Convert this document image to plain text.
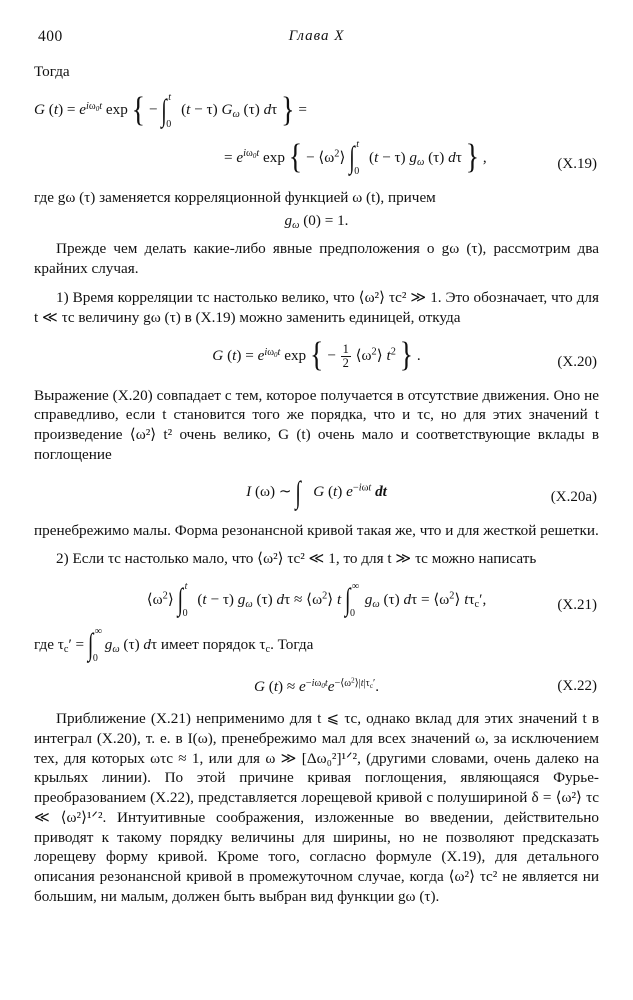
400	Глава X

Тогда

G $(t) = e^{i\omega_0t}$ exp { −
t
∫ 0
(t − τ) $G_\omega$ (τ) dτ } =
= $e^{i\omega_0t}$ exp { − $⟨\omega^2⟩$
t
∫ 0
(t − τ) $g_\omega$ (τ) dτ } ,	(X.19)

где gω (τ) заменяется корреляционной функцией ω (t), причем

$g_\omega$ (0) = 1.

Прежде чем делать какие-либо явные предположения о gω (τ), рассмотрим два крайних случая.

1) Время корреляции τc настолько велико, что ⟨ω²⟩ τc² ≫ 1. Это обозначает, что для t ≪ τc величину gω (τ) в (X.19) можно заменить единицей, откуда

G $(t) = e^{i\omega_0t}$ exp { − $\frac{1}{2}$ $⟨\omega^2⟩$ $t^2$ } .	(X.20)

Выражение (X.20) совпадает с тем, которое получается в отсутствие движения. Оно не справедливо, если t становится того же порядка, что и τc, но для этих значений t произведение ⟨ω²⟩ t² очень велико, G (t) очень мало и соответствующие вклады в поглощение

I (ω) ∼ ∫ G (t) $e^{-i\omega t}$ dt	(X.20a)

пренебрежимо малы. Форма резонансной кривой такая же, что и для жесткой решетки.

2) Если τc настолько мало, что ⟨ω²⟩ τc² ≪ 1, то для t ≫ τc можно написать

$⟨\omega^2⟩$
t
∫ 0
(t − τ) $g_\omega$ (τ) $d\tau \approx ⟨\omega^2⟩$ t
∞
∫ 0
$g_\omega$ (τ) $d\tau = ⟨\omega^2⟩$ $t\tau_c'$,	(X.21)

где $\tau_c'$ =
∞
∫ 0
$g_\omega$ (τ) dτ имеет порядок $\tau_c$. Тогда

G $(t) \approx e^{-i\omega_0t}e^{-⟨\omega^2⟩|t|\tau_c'}$.	(X.22)

Приближение (X.21) неприменимо для t ⩽ τc, однако вклад для этих значений t в интеграл (X.20), т. е. в I(ω), пренебрежимо мал для всех значений ω, за исключением тех, для которых ωτc ≈ 1, или для ω ≫ [Δω₀²]¹ᐟ², (другими словами, очень далеко на крыльях линии). По этой причине кривая поглощения, являющаяся Фурье-преобразованием (X.22), представляется лорещевой кривой с полушириной δ = ⟨ω²⟩ τc ≪ ⟨ω²⟩¹ᐟ². Интуитивные соображения, изложенные во введении, действительно приводят к такому порядку величины для ширины, но не позволяют предсказать лорещеву форму кривой. Кроме того, согласно формуле (X.19), для детального описания резонансной кривой в промежуточном случае, когда ⟨ω²⟩ τc² не является ни большим, ни малым, должен быть выбран вид функции gω (τ).
